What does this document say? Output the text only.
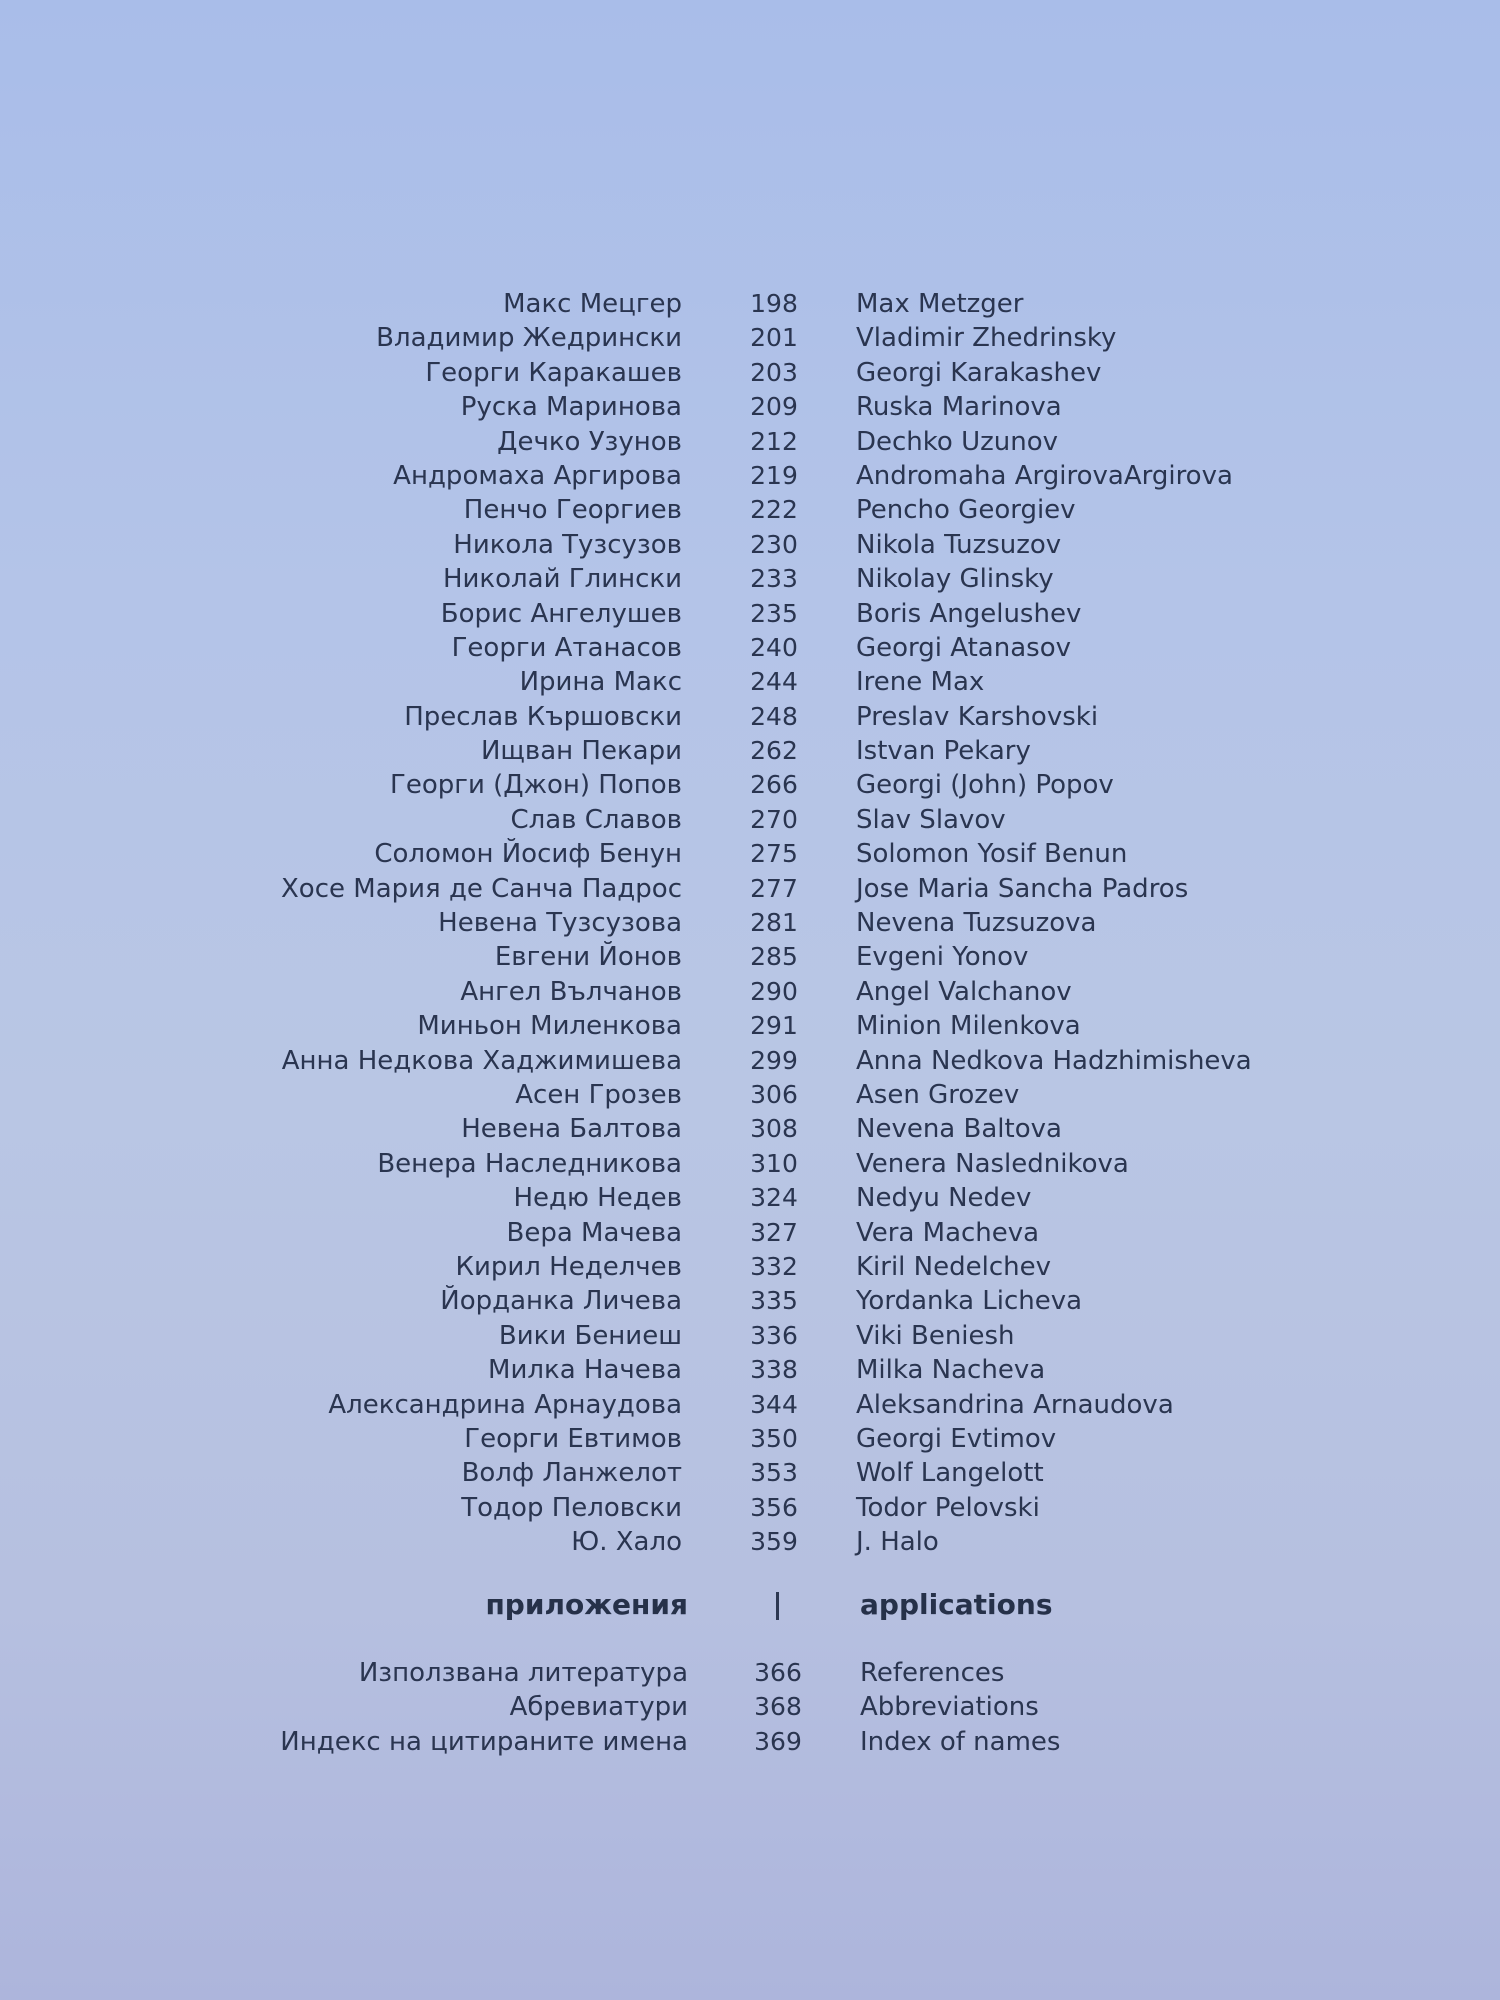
Макс Мецгер	198	Max Metzger
Владимир Жедрински	201	Vladimir Zhedrinsky
Георги Каракашев	203	Georgi Karakashev
Руска Маринова	209	Ruska Marinova
Дечко Узунов	212	Dechko Uzunov
Андромаха Аргирова	219	Andromaha ArgirovaArgirova
Пенчо Георгиев	222	Pencho Georgiev
Никола Тузсузов	230	Nikola Tuzsuzov
Николай Глински	233	Nikolay Glinsky
Борис Ангелушев	235	Boris Angelushev
Георги Атанасов	240	Georgi Atanasov
Ирина Макс	244	Irene Max
Преслав Кършовски	248	Preslav Karshovski
Ищван Пекари	262	Istvan Pekary
Георги (Джон) Попов	266	Georgi (John) Popov
Слав Славов	270	Slav Slavov
Соломон Йосиф Бенун	275	Solomon Yosif Benun
Хосе Мария де Санча Падрос	277	Jose Maria Sancha Padros
Невена Тузсузова	281	Nevena Tuzsuzova
Евгени Йонов	285	Evgeni Yonov
Ангел Вълчанов	290	Angel Valchanov
Миньон Миленкова	291	Minion Milenkova
Анна Недкова Хаджимишева	299	Anna Nedkova Hadzhimisheva
Асен Грозев	306	Asen Grozev
Невена Балтова	308	Nevena Baltova
Венера Наследникова	310	Venera Naslednikova
Недю Недев	324	Nedyu Nedev
Вера Мачева	327	Vera Macheva
Кирил Неделчев	332	Kiril Nedelchev
Йорданка Личева	335	Yordanka Licheva
Вики Бениеш	336	Viki Beniesh
Милка Начева	338	Milka Nacheva
Александрина Арнаудова	344	Aleksandrina Arnaudova
Георги Евтимов	350	Georgi Evtimov
Волф Ланжелот	353	Wolf Langelott
Тодор Пеловски	356	Todor Pelovski
Ю. Хало	359	J. Halo
приложения	applications
Използвана литература	366	References
Абревиатури	368	Abbreviations
Индекс на цитираните имена	369	Index of names
